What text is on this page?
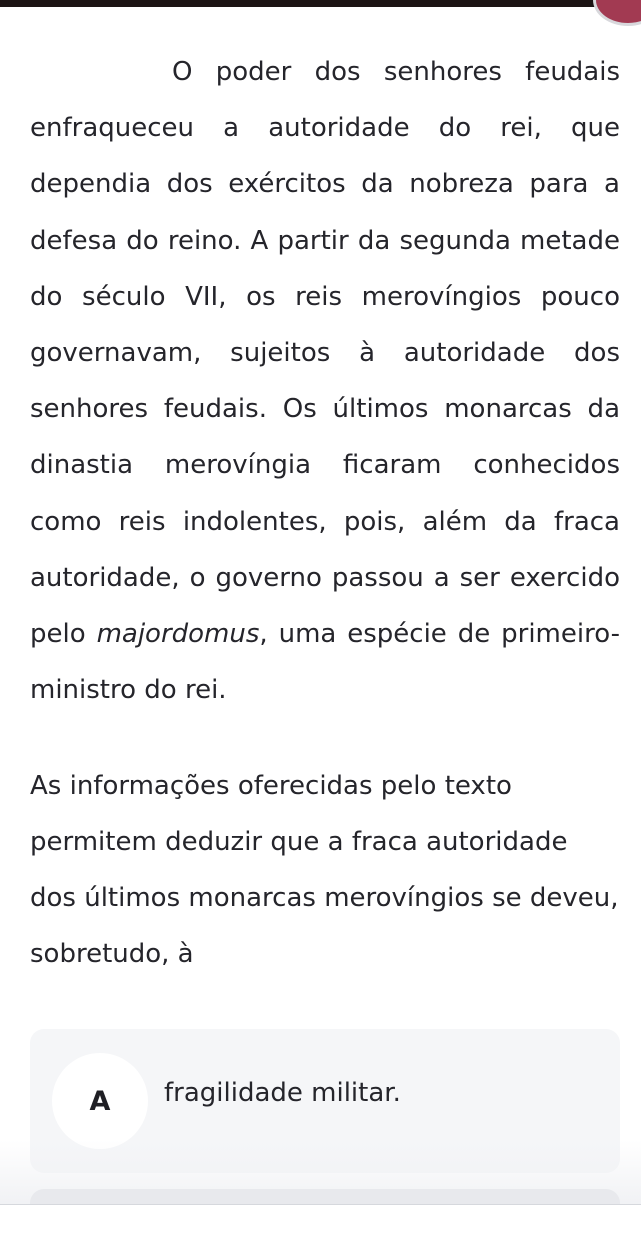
O poder dos senhores feudais enfraqueceu a autoridade do rei, que dependia dos exércitos da nobreza para a defesa do reino. A partir da segunda metade do século VII, os reis merovíngios pouco governavam, sujeitos à autoridade dos senhores feudais. Os últimos monarcas da dinastia merovíngia ficaram conhecidos como reis indolentes, pois, além da fraca autoridade, o governo passou a ser exercido pelo majordomus, uma espécie de primeiro-ministro do rei.

As informações oferecidas pelo texto permitem deduzir que a fraca autoridade dos últimos monarcas merovíngios se deveu, sobretudo, à
A	fragilidade militar.
